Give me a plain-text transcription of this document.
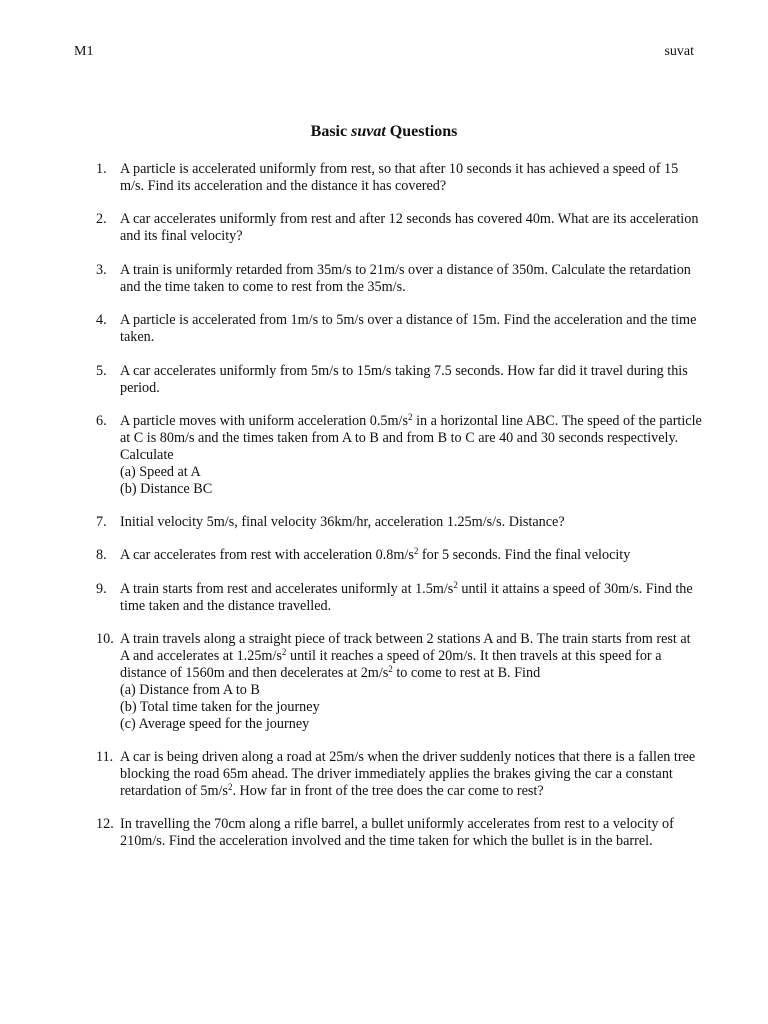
M1	suvat
Basic suvat Questions
1. A particle is accelerated uniformly from rest, so that after 10 seconds it has achieved a speed of 15 m/s. Find its acceleration and the distance it has covered?
2. A car accelerates uniformly from rest and after 12 seconds has covered 40m. What are its acceleration and its final velocity?
3. A train is uniformly retarded from 35m/s to 21m/s over a distance of 350m. Calculate the retardation and the time taken to come to rest from the 35m/s.
4. A particle is accelerated from 1m/s to 5m/s over a distance of 15m. Find the acceleration and the time taken.
5. A car accelerates uniformly from 5m/s to 15m/s taking 7.5 seconds. How far did it travel during this period.
6. A particle moves with uniform acceleration $0.5m/s^2$ in a horizontal line ABC. The speed of the particle at C is 80m/s and the times taken from A to B and from B to C are 40 and 30 seconds respectively. Calculate
(a) Speed at A
(b) Distance BC
7. Initial velocity 5m/s, final velocity 36km/hr, acceleration 1.25m/s/s. Distance?
8. A car accelerates from rest with acceleration $0.8m/s^2$ for 5 seconds. Find the final velocity
9. A train starts from rest and accelerates uniformly at $1.5m/s^2$ until it attains a speed of 30m/s. Find the time taken and the distance travelled.
10. A train travels along a straight piece of track between 2 stations A and B. The train starts from rest at A and accelerates at $1.25m/s^2$ until it reaches a speed of 20m/s. It then travels at this speed for a distance of 1560m and then decelerates at $2m/s^2$ to come to rest at B. Find
(a) Distance from A to B
(b) Total time taken for the journey
(c) Average speed for the journey
11. A car is being driven along a road at 25m/s when the driver suddenly notices that there is a fallen tree blocking the road 65m ahead. The driver immediately applies the brakes giving the car a constant retardation of $5m/s^2$. How far in front of the tree does the car come to rest?
12. In travelling the 70cm along a rifle barrel, a bullet uniformly accelerates from rest to a velocity of 210m/s. Find the acceleration involved and the time taken for which the bullet is in the barrel.
